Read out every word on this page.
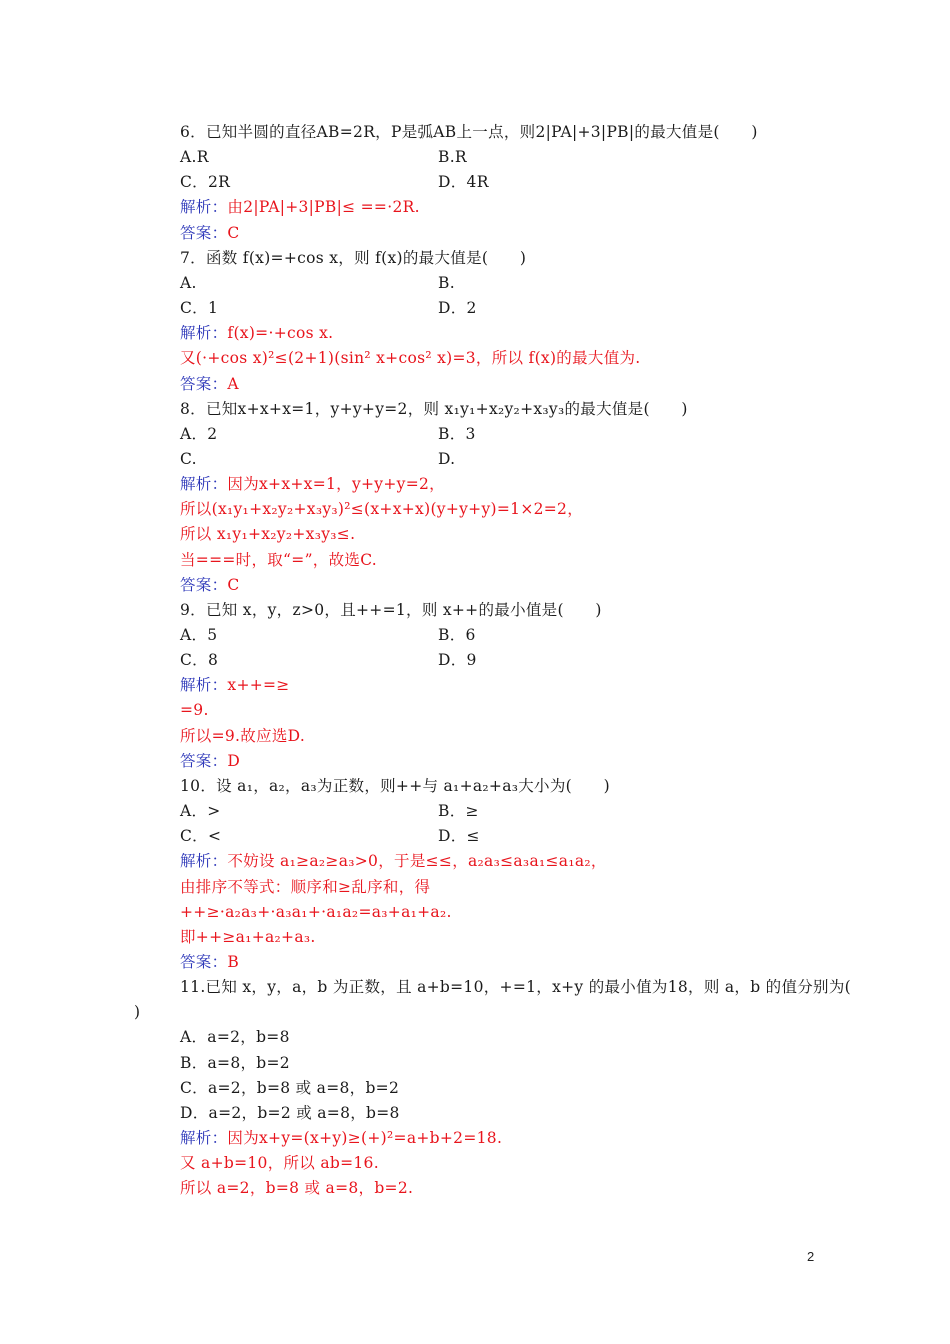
6．已知半圆的直径AB=2R，P是弧AB上一点，则2|PA|+3|PB|的最大值是(　　)
A.R	B.R
C．2R	D．4R
解析：由2|PA|+3|PB|≤ ==·2R.
答案：C
7．函数 f(x)=+cos x，则 f(x)的最大值是(　　)
A.	B.
C．1	D．2
解析：f(x)=·+cos x.
又(·+cos x)²≤(2+1)(sin² x+cos² x)=3，所以 f(x)的最大值为.
答案：A
8．已知x+x+x=1，y+y+y=2，则 x₁y₁+x₂y₂+x₃y₃的最大值是(　　)
A．2	B．3
C.	D.
解析：因为x+x+x=1，y+y+y=2，
所以(x₁y₁+x₂y₂+x₃y₃)²≤(x+x+x)(y+y+y)=1×2=2，
所以 x₁y₁+x₂y₂+x₃y₃≤.
当===时，取“=”，故选C.
答案：C
9．已知 x，y，z>0，且++=1，则 x++的最小值是(　　)
A．5	B．6
C．8	D．9
解析：x++=≥
=9.
所以=9.故应选D.
答案：D
10．设 a₁，a₂，a₃为正数，则++与 a₁+a₂+a₃大小为(　　)
A．>	B．≥
C．<	D．≤
解析：不妨设 a₁≥a₂≥a₃>0，于是≤≤，a₂a₃≤a₃a₁≤a₁a₂，
由排序不等式：顺序和≥乱序和，得
++≥·a₂a₃+·a₃a₁+·a₁a₂=a₃+a₁+a₂.
即++≥a₁+a₂+a₃.
答案：B
11.已知 x，y，a，b 为正数，且 a+b=10，+=1，x+y 的最小值为18，则 a，b 的值分别为(
)
A．a=2，b=8
B．a=8，b=2
C．a=2，b=8 或 a=8，b=2
D．a=2，b=2 或 a=8，b=8
解析：因为x+y=(x+y)≥(+)²=a+b+2=18.
又 a+b=10，所以 ab=16.
所以 a=2，b=8 或 a=8，b=2.
2
